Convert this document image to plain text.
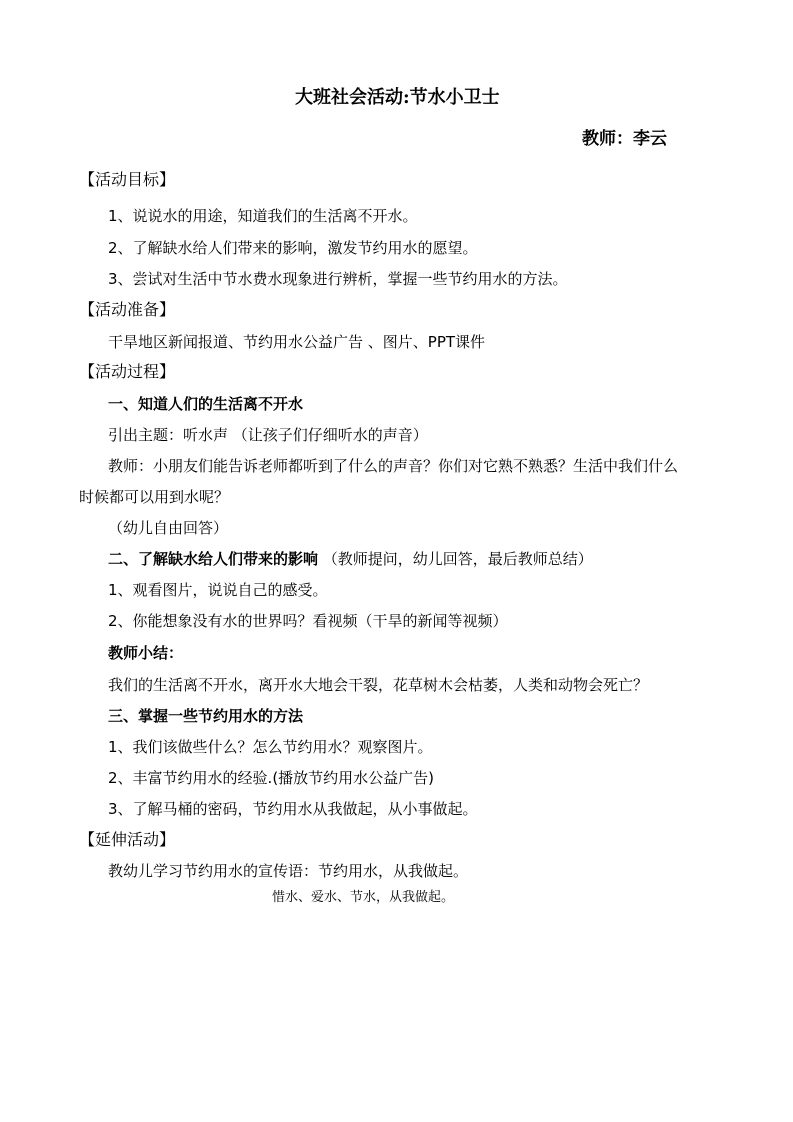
大班社会活动:节水小卫士
教师：李云
【活动目标】
1、说说水的用途，知道我们的生活离不开水。
2、了解缺水给人们带来的影响，激发节约用水的愿望。
3、尝试对生活中节水费水现象进行辨析，掌握一些节约用水的方法。
【活动准备】
干旱地区新闻报道、节约用水公益广告 、图片、PPT课件
【活动过程】
一、知道人们的生活离不开水
引出主题：听水声 （让孩子们仔细听水的声音）
教师：小朋友们能告诉老师都听到了什么的声音？你们对它熟不熟悉？生活中我们什么
时候都可以用到水呢？
（幼儿自由回答）
二、了解缺水给人们带来的影响 （教师提问，幼儿回答，最后教师总结）
1、观看图片，说说自己的感受。
2、你能想象没有水的世界吗？看视频（干旱的新闻等视频）
教师小结：
我们的生活离不开水，离开水大地会干裂，花草树木会枯萎，人类和动物会死亡？
三、掌握一些节约用水的方法
1、我们该做些什么？怎么节约用水？观察图片。
2、丰富节约用水的经验.(播放节约用水公益广告)
3、了解马桶的密码，节约用水从我做起，从小事做起。
【延伸活动】
教幼儿学习节约用水的宣传语：节约用水，从我做起。
惜水、爱水、节水，从我做起。
